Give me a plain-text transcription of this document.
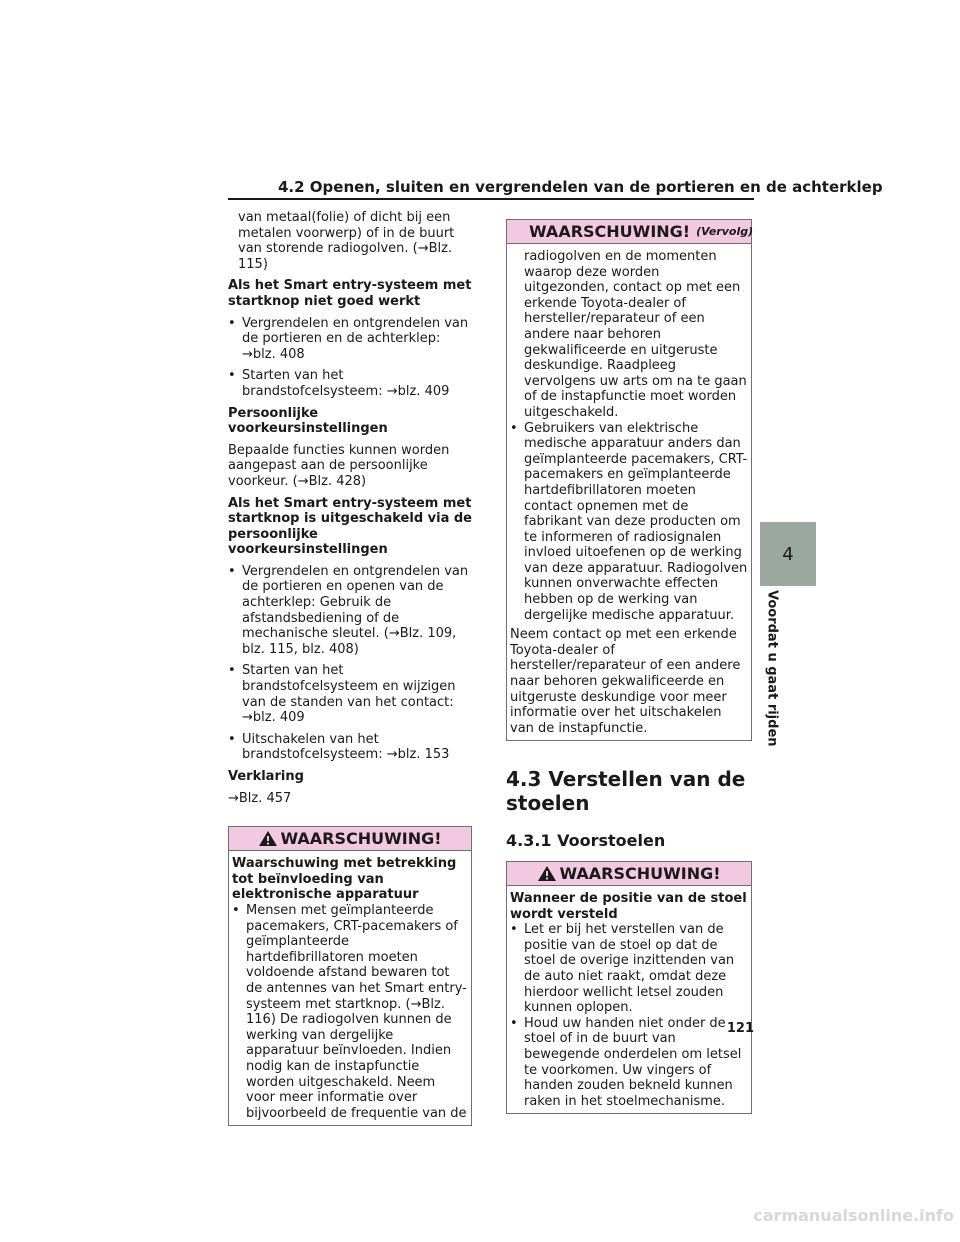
4.2 Openen, sluiten en vergrendelen van de portieren en de achterklep

van metaal(folie) of dicht bij een metalen voorwerp) of in de buurt van storende radiogolven. (→Blz. 115)

Als het Smart entry-systeem met startknop niet goed werkt

• Vergrendelen en ontgrendelen van de portieren en de achterklep: →blz. 408
• Starten van het brandstofcelsysteem: →blz. 409

Persoonlijke voorkeursinstellingen

Bepaalde functies kunnen worden aangepast aan de persoonlijke voorkeur. (→Blz. 428)

Als het Smart entry-systeem met startknop is uitgeschakeld via de persoonlijke voorkeursinstellingen

• Vergrendelen en ontgrendelen van de portieren en openen van de achterklep: Gebruik de afstandsbediening of de mechanische sleutel. (→Blz. 109, blz. 115, blz. 408)
• Starten van het brandstofcelsysteem en wijzigen van de standen van het contact: →blz. 409
• Uitschakelen van het brandstofcelsysteem: →blz. 153

Verklaring

→Blz. 457

WAARSCHUWING!

Waarschuwing met betrekking tot beïnvloeding van elektronische apparatuur

• Mensen met geïmplanteerde pacemakers, CRT-pacemakers of geïmplanteerde hartdefibrillatoren moeten voldoende afstand bewaren tot de antennes van het Smart entry-systeem met startknop. (→Blz. 116) De radiogolven kunnen de werking van dergelijke apparatuur beïnvloeden. Indien nodig kan de instapfunctie worden uitgeschakeld. Neem voor meer informatie over bijvoorbeeld de frequentie van de
WAARSCHUWING! (Vervolg)

radiogolven en de momenten waarop deze worden uitgezonden, contact op met een erkende Toyota-dealer of hersteller/reparateur of een andere naar behoren gekwalificeerde en uitgeruste deskundige. Raadpleeg vervolgens uw arts om na te gaan of de instapfunctie moet worden uitgeschakeld.

• Gebruikers van elektrische medische apparatuur anders dan geïmplanteerde pacemakers, CRT-pacemakers en geïmplanteerde hartdefibrillatoren moeten contact opnemen met de fabrikant van deze producten om te informeren of radiosignalen invloed uitoefenen op de werking van deze apparatuur. Radiogolven kunnen onverwachte effecten hebben op de werking van dergelijke medische apparatuur.

Neem contact op met een erkende Toyota-dealer of hersteller/reparateur of een andere naar behoren gekwalificeerde en uitgeruste deskundige voor meer informatie over het uitschakelen van de instapfunctie.

4.3 Verstellen van de stoelen
4.3.1 Voorstoelen
WAARSCHUWING!

Wanneer de positie van de stoel wordt versteld

• Let er bij het verstellen van de positie van de stoel op dat de stoel de overige inzittenden van de auto niet raakt, omdat deze hierdoor wellicht letsel zouden kunnen oplopen.
• Houd uw handen niet onder de stoel of in de buurt van bewegende onderdelen om letsel te voorkomen. Uw vingers of handen zouden bekneld kunnen raken in het stoelmechanisme.
4
Voordat u gaat rijden
121
carmanualsonline.info
